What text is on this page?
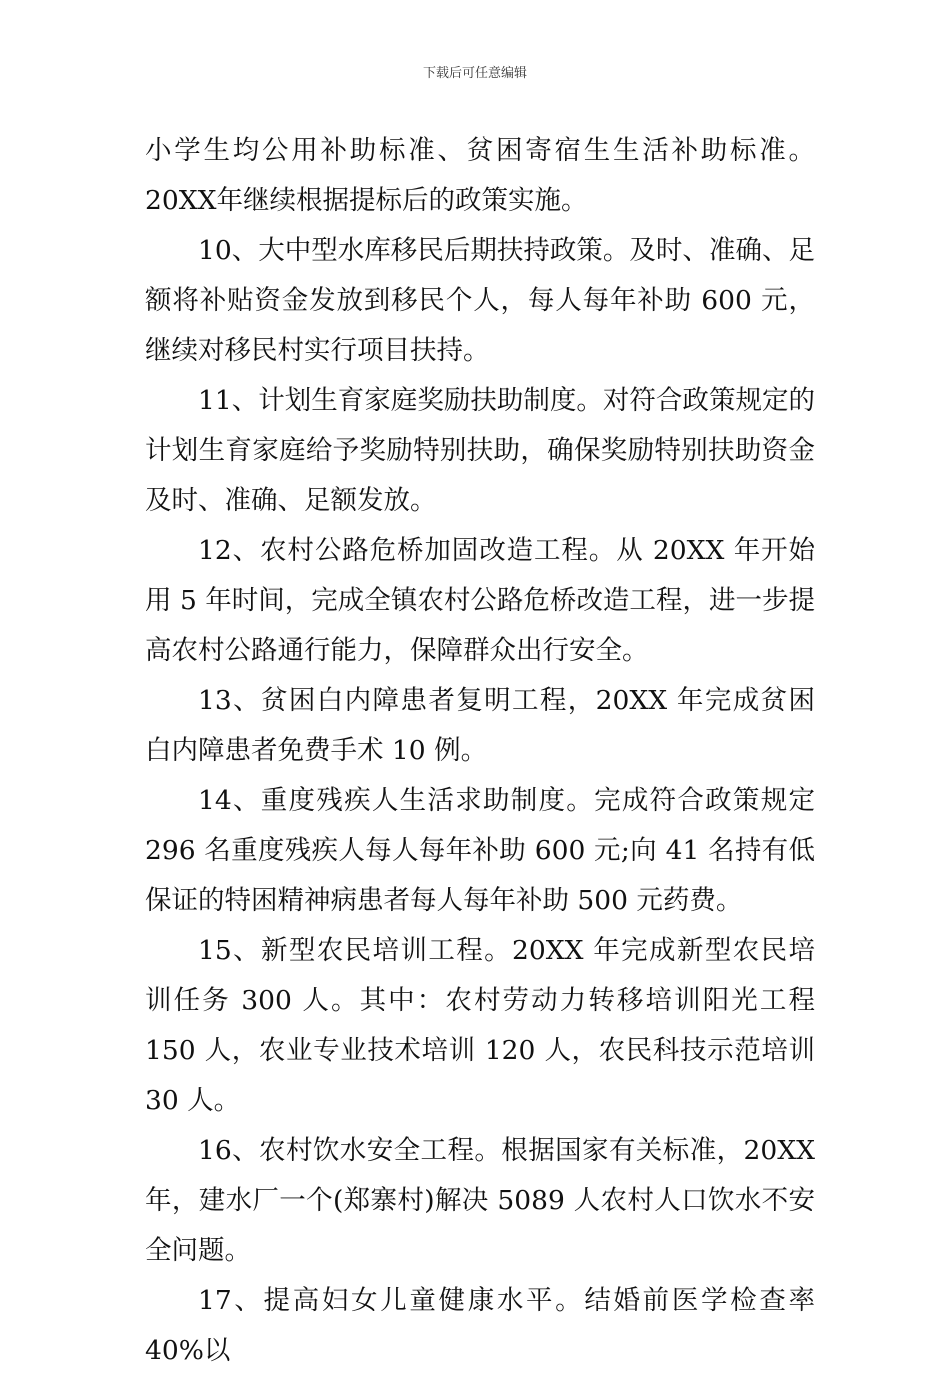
下载后可任意编辑

小学生均公用补助标准、贫困寄宿生生活补助标准。20XX年继续根据提标后的政策实施。

10、大中型水库移民后期扶持政策。及时、准确、足额将补贴资金发放到移民个人，每人每年补助 600 元，继续对移民村实行项目扶持。

11、计划生育家庭奖励扶助制度。对符合政策规定的计划生育家庭给予奖励特别扶助，确保奖励特别扶助资金及时、准确、足额发放。

12、农村公路危桥加固改造工程。从 20XX 年开始用 5 年时间，完成全镇农村公路危桥改造工程，进一步提高农村公路通行能力，保障群众出行安全。

13、贫困白内障患者复明工程，20XX 年完成贫困白内障患者免费手术 10 例。

14、重度残疾人生活求助制度。完成符合政策规定 296 名重度残疾人每人每年补助 600 元;向 41 名持有低保证的特困精神病患者每人每年补助 500 元药费。

15、新型农民培训工程。20XX 年完成新型农民培训任务 300 人。其中：农村劳动力转移培训阳光工程 150 人，农业专业技术培训 120 人，农民科技示范培训 30 人。

16、农村饮水安全工程。根据国家有关标准，20XX 年，建水厂一个(郑寨村)解决 5089 人农村人口饮水不安全问题。

17、提高妇女儿童健康水平。结婚前医学检查率 40%以
